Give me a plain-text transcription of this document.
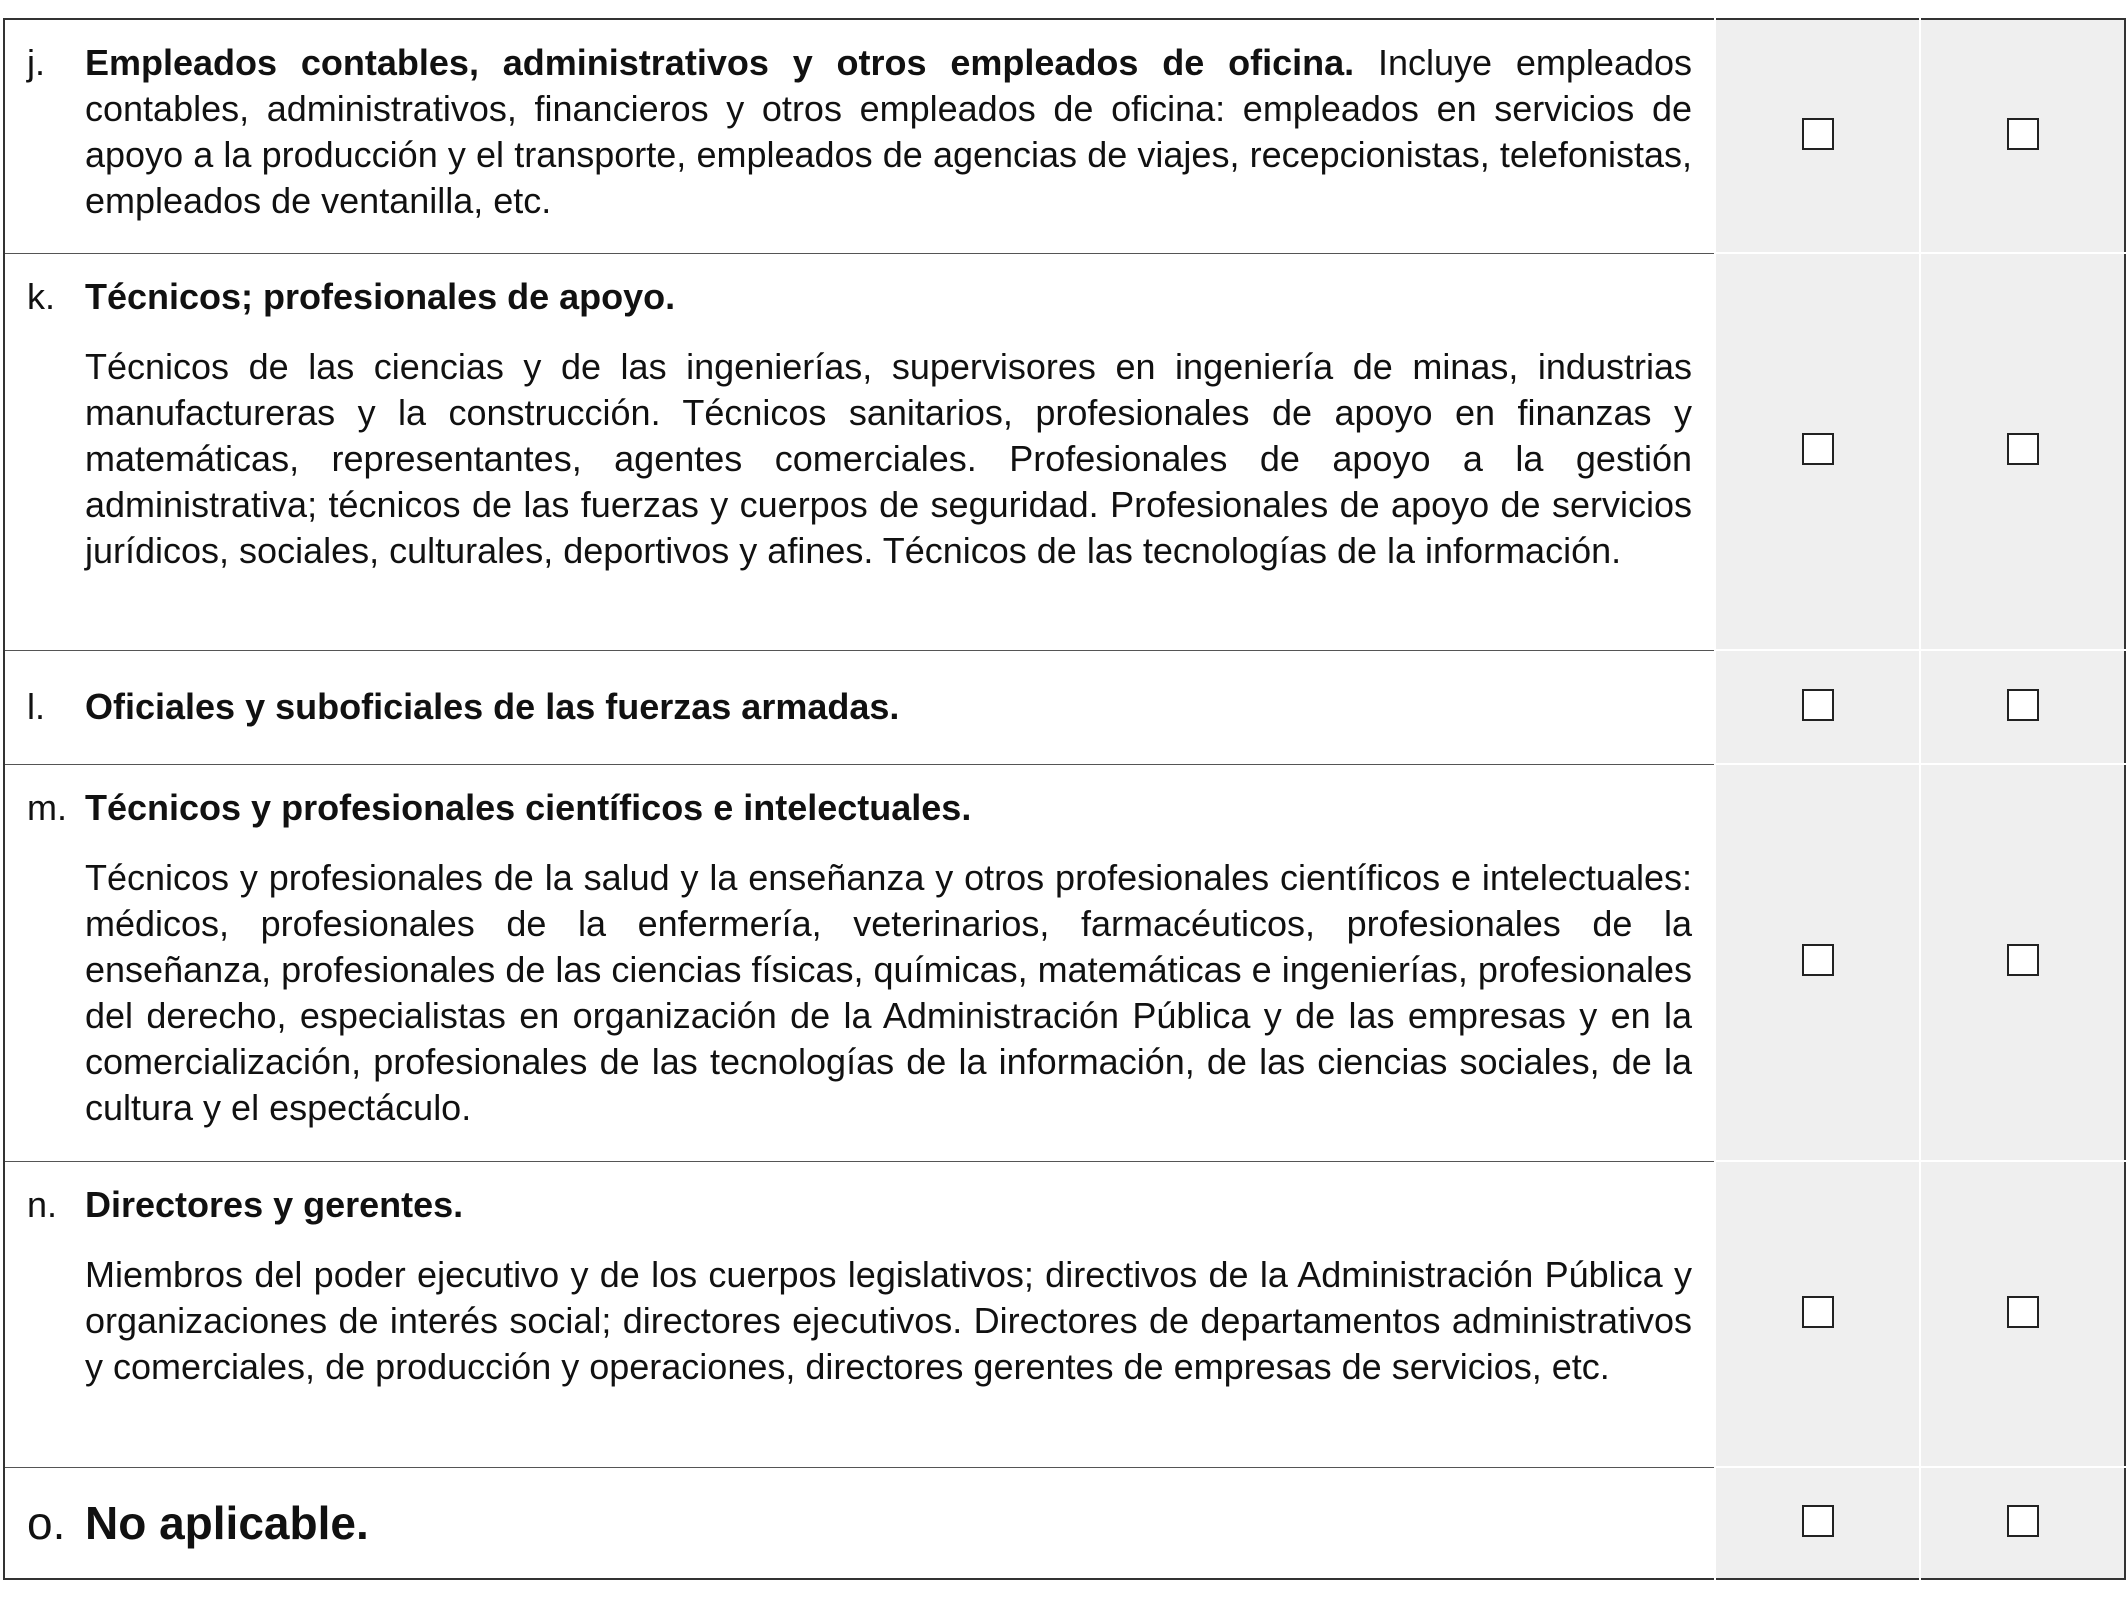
j. Empleados contables, administrativos y otros empleados de oficina. Incluye empleados contables, administrativos, financieros y otros empleados de oficina: empleados en servicios de apoyo a la producción y el transporte, empleados de agencias de viajes, recepcionistas, telefonistas, empleados de ventanilla, etc.		

k. Técnicos; profesionales de apoyo.

Técnicos de las ciencias y de las ingenierías, supervisores en ingeniería de minas, industrias manufactureras y la construcción. Técnicos sanitarios, profesionales de apoyo en finanzas y matemáticas, representantes, agentes comerciales. Profesionales de apoyo a la gestión administrativa; técnicos de las fuerzas y cuerpos de seguridad. Profesionales de apoyo de servicios jurídicos, sociales, culturales, deportivos y afines. Técnicos de las tecnologías de la información.		

l. Oficiales y suboficiales de las fuerzas armadas.		

m. Técnicos y profesionales científicos e intelectuales.

Técnicos y profesionales de la salud y la enseñanza y otros profesionales científicos e intelectuales: médicos, profesionales de la enfermería, veterinarios, farmacéuticos, profesionales de la enseñanza, profesionales de las ciencias físicas, químicas, matemáticas e ingenierías, profesionales del derecho, especialistas en organización de la Administración Pública y de las empresas y en la comercialización, profesionales de las tecnologías de la información, de las ciencias sociales, de la cultura y el espectáculo.		

n. Directores y gerentes.

Miembros del poder ejecutivo y de los cuerpos legislativos; directivos de la Administración Pública y organizaciones de interés social; directores ejecutivos. Directores de departamentos administrativos y comerciales, de producción y operaciones, directores gerentes de empresas de servicios, etc.		

o. No aplicable.		
